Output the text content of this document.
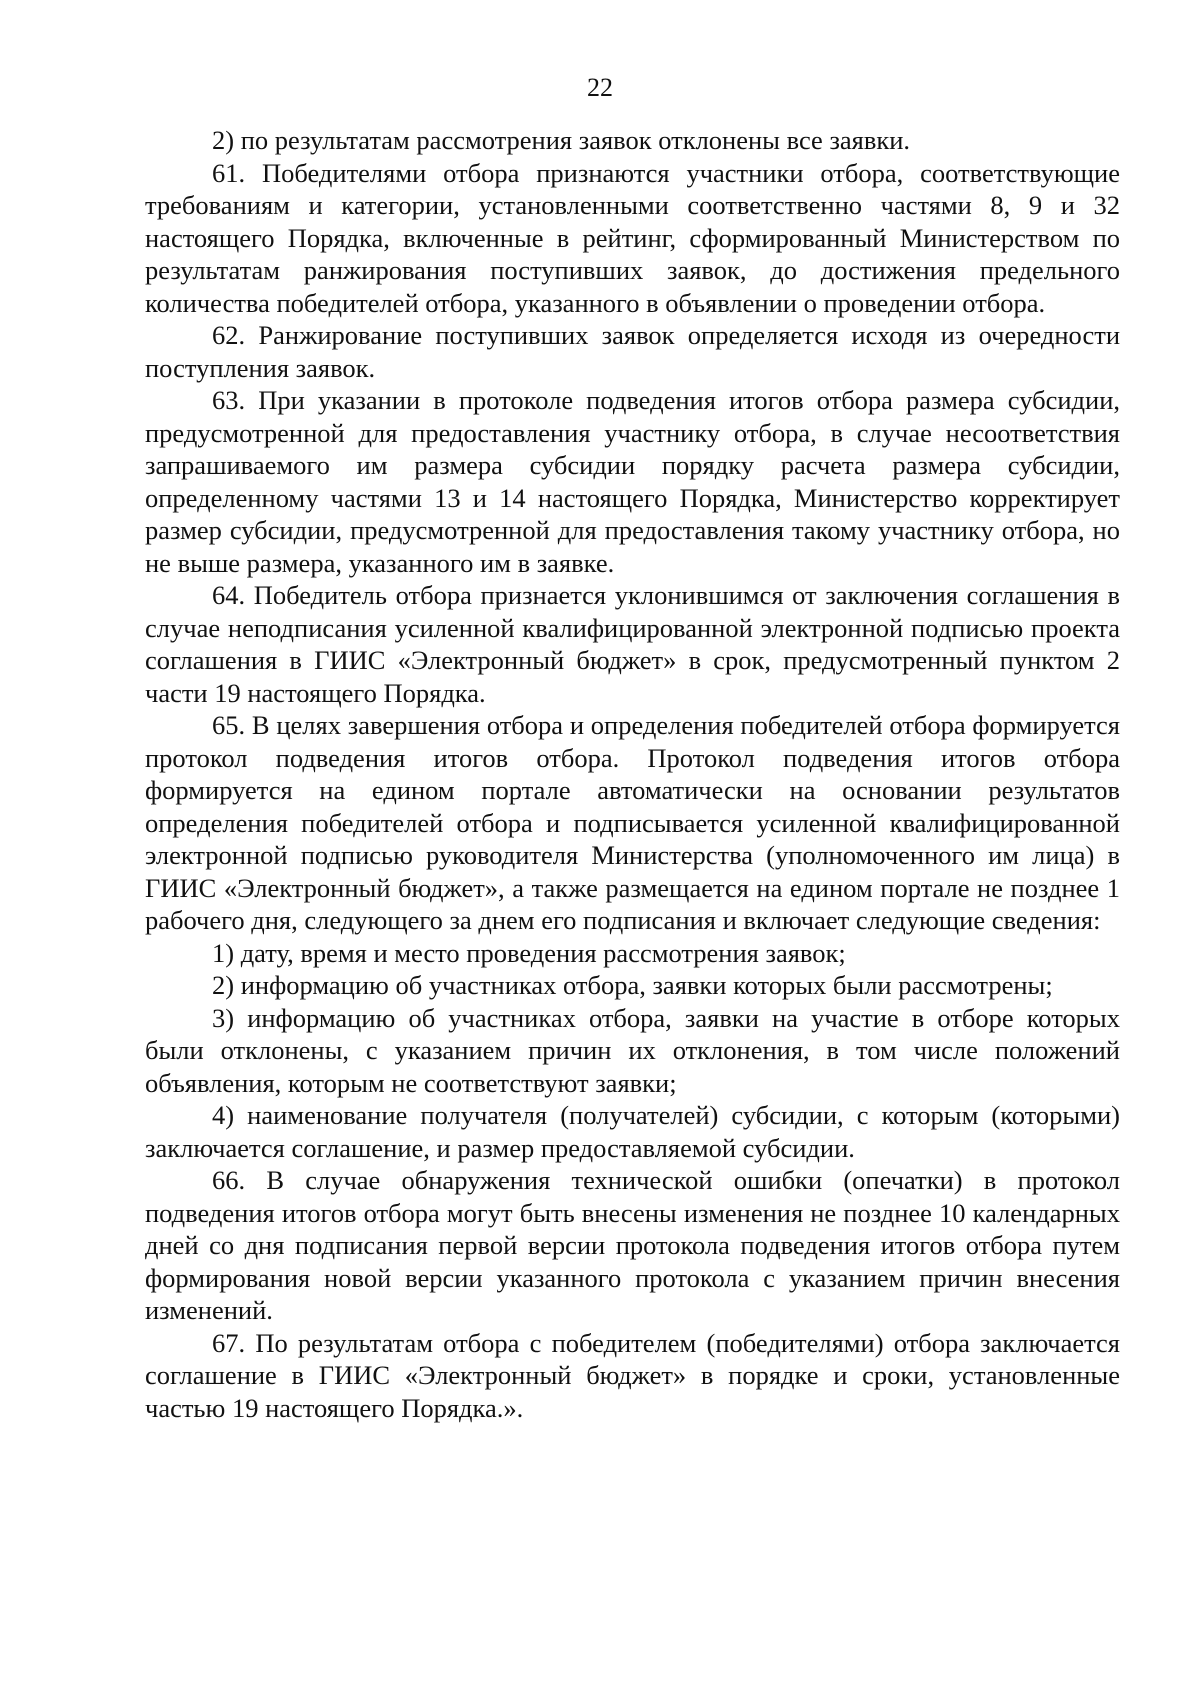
22

2) по результатам рассмотрения заявок отклонены все заявки.

61. Победителями отбора признаются участники отбора, соответствующие требованиям и категории, установленными соответственно частями 8, 9 и 32 настоящего Порядка, включенные в рейтинг, сформированный Министерством по результатам ранжирования поступивших заявок, до достижения предельного количества победителей отбора, указанного в объявлении о проведении отбора.

62. Ранжирование поступивших заявок определяется исходя из очередности поступления заявок.

63. При указании в протоколе подведения итогов отбора размера субсидии, предусмотренной для предоставления участнику отбора, в случае несоответствия запрашиваемого им размера субсидии порядку расчета размера субсидии, определенному частями 13 и 14 настоящего Порядка, Министерство корректирует размер субсидии, предусмотренной для предоставления такому участнику отбора, но не выше размера, указанного им в заявке.

64. Победитель отбора признается уклонившимся от заключения соглашения в случае неподписания усиленной квалифицированной электронной подписью проекта соглашения в ГИИС «Электронный бюджет» в срок, предусмотренный пунктом 2 части 19 настоящего Порядка.

65. В целях завершения отбора и определения победителей отбора формируется протокол подведения итогов отбора. Протокол подведения итогов отбора формируется на едином портале автоматически на основании результатов определения победителей отбора и подписывается усиленной квалифицированной электронной подписью руководителя Министерства (уполномоченного им лица) в ГИИС «Электронный бюджет», а также размещается на едином портале не позднее 1 рабочего дня, следующего за днем его подписания и включает следующие сведения:

1) дату, время и место проведения рассмотрения заявок;

2) информацию об участниках отбора, заявки которых были рассмотрены;

3) информацию об участниках отбора, заявки на участие в отборе которых были отклонены, с указанием причин их отклонения, в том числе положений объявления, которым не соответствуют заявки;

4) наименование получателя (получателей) субсидии, с которым (которыми) заключается соглашение, и размер предоставляемой субсидии.

66. В случае обнаружения технической ошибки (опечатки) в протокол подведения итогов отбора могут быть внесены изменения не позднее 10 календарных дней со дня подписания первой версии протокола подведения итогов отбора путем формирования новой версии указанного протокола с указанием причин внесения изменений.

67. По результатам отбора с победителем (победителями) отбора заключается соглашение в ГИИС «Электронный бюджет» в порядке и сроки, установленные частью 19 настоящего Порядка.».
